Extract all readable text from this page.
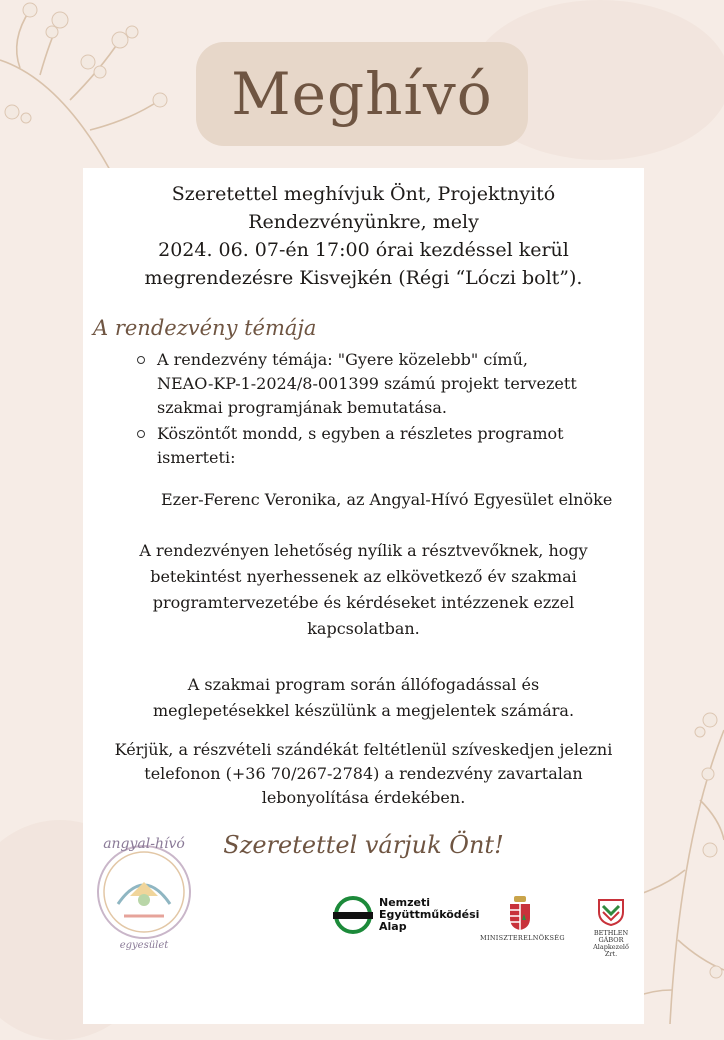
Meghívó
Szeretettel meghívjuk Önt, Projektnyitó
Rendezvényünkre, mely
2024. 06. 07-én 17:00 órai kezdéssel kerül
megrendezésre Kisvejkén (Régi “Lóczi bolt”).
A rendezvény témája
A rendezvény témája: "Gyere közelebb" című,
NEAO-KP-1-2024/8-001399 számú projekt tervezett
szakmai programjának bemutatása.
Köszöntőt mondd, s egyben a részletes programot
ismerteti:
Ezer-Ferenc Veronika, az Angyal-Hívó Egyesület elnöke
A rendezvényen lehetőség nyílik a résztvevőknek, hogy
betekintést nyerhessenek az elkövetkező év szakmai
programtervezetébe és kérdéseket intézzenek ezzel
kapcsolatban.
A szakmai program során állófogadással és
meglepetésekkel készülünk a megjelentek számára.
Kérjük, a részvételi szándékát feltétlenül szíveskedjen jelezni
telefonon (+36 70/267-2784) a rendezvény zavartalan
lebonyolítása érdekében.
Szeretettel várjuk Önt!
angyal-hívó
egyesület
Nemzeti
Együttműködési
Alap
MINISZTERELNÖKSÉG
BETHLEN GÁBOR
Alapkezelő Zrt.
